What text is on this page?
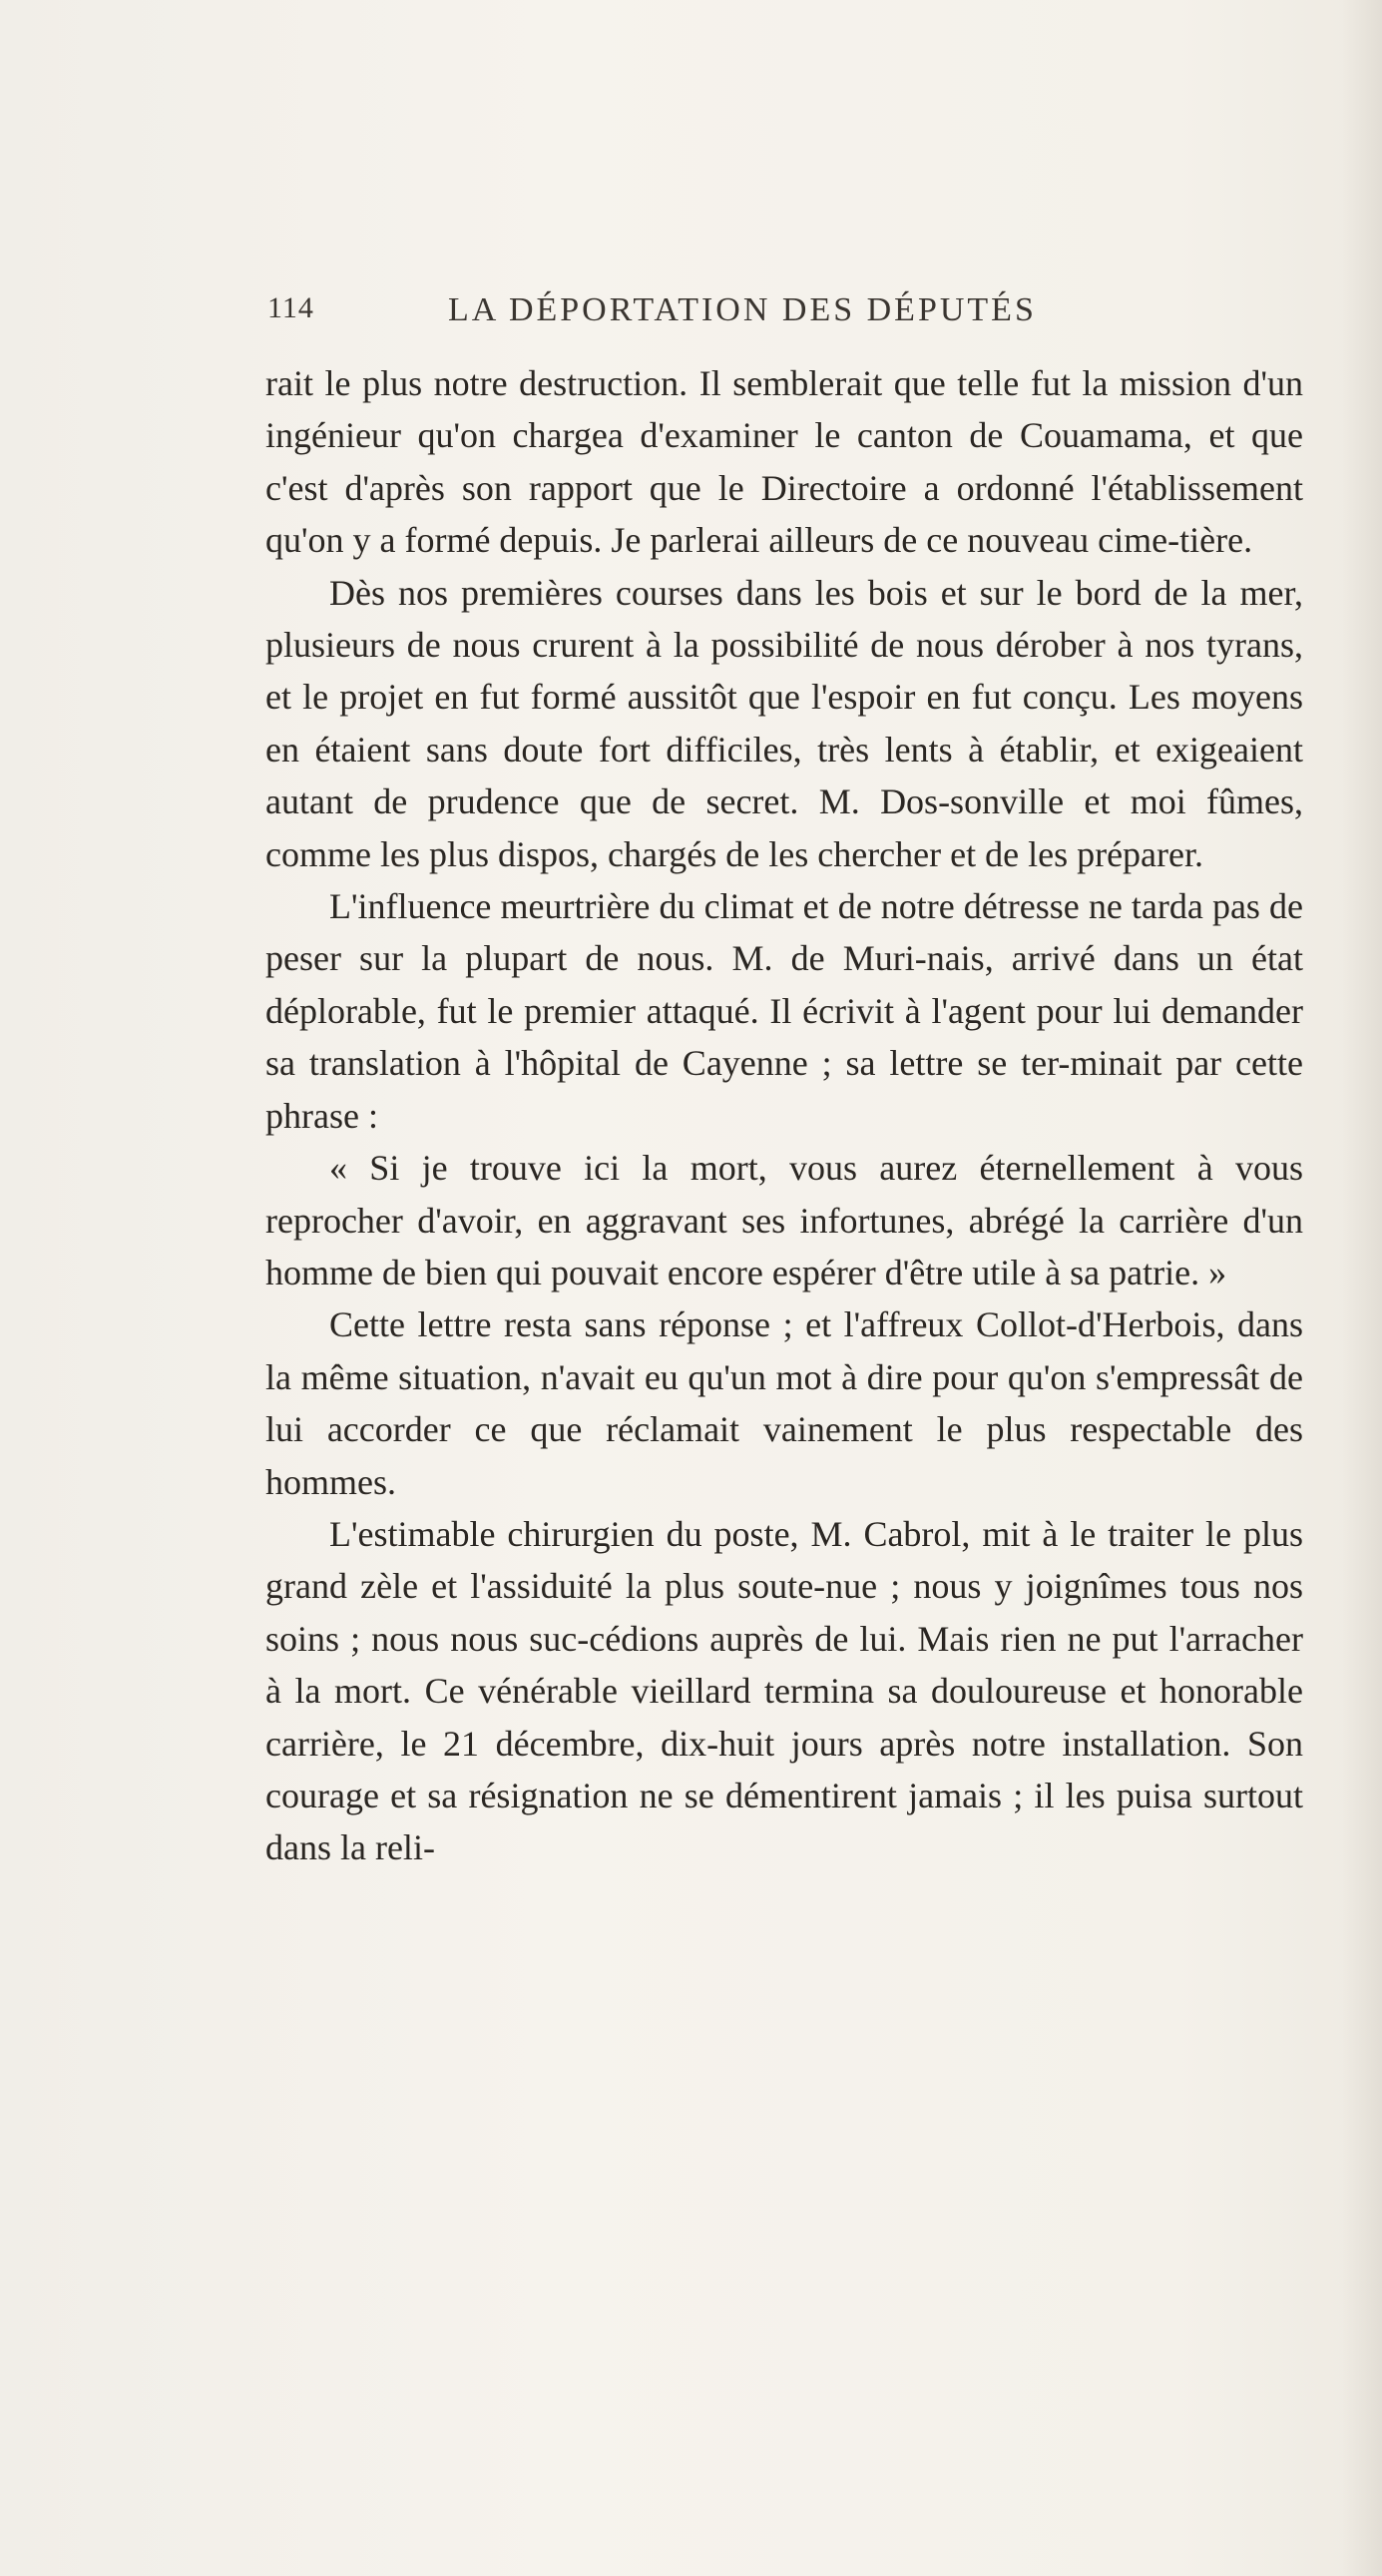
114	LA DÉPORTATION DES DÉPUTÉS

rait le plus notre destruction. Il semblerait que telle fut la mission d'un ingénieur qu'on chargea d'examiner le canton de Couamama, et que c'est d'après son rapport que le Directoire a ordonné l'établissement qu'on y a formé depuis. Je parlerai ailleurs de ce nouveau cime-tière.

Dès nos premières courses dans les bois et sur le bord de la mer, plusieurs de nous crurent à la possibilité de nous dérober à nos tyrans, et le projet en fut formé aussitôt que l'espoir en fut conçu. Les moyens en étaient sans doute fort difficiles, très lents à établir, et exigeaient autant de prudence que de secret. M. Dos-sonville et moi fûmes, comme les plus dispos, chargés de les chercher et de les préparer.

L'influence meurtrière du climat et de notre détresse ne tarda pas de peser sur la plupart de nous. M. de Muri-nais, arrivé dans un état déplorable, fut le premier attaqué. Il écrivit à l'agent pour lui demander sa translation à l'hôpital de Cayenne ; sa lettre se ter-minait par cette phrase :

« Si je trouve ici la mort, vous aurez éternellement à vous reprocher d'avoir, en aggravant ses infortunes, abrégé la carrière d'un homme de bien qui pouvait encore espérer d'être utile à sa patrie. »

Cette lettre resta sans réponse ; et l'affreux Collot-d'Herbois, dans la même situation, n'avait eu qu'un mot à dire pour qu'on s'empressât de lui accorder ce que réclamait vainement le plus respectable des hommes.

L'estimable chirurgien du poste, M. Cabrol, mit à le traiter le plus grand zèle et l'assiduité la plus soute-nue ; nous y joignîmes tous nos soins ; nous nous suc-cédions auprès de lui. Mais rien ne put l'arracher à la mort. Ce vénérable vieillard termina sa douloureuse et honorable carrière, le 21 décembre, dix-huit jours après notre installation. Son courage et sa résignation ne se démentirent jamais ; il les puisa surtout dans la reli-
